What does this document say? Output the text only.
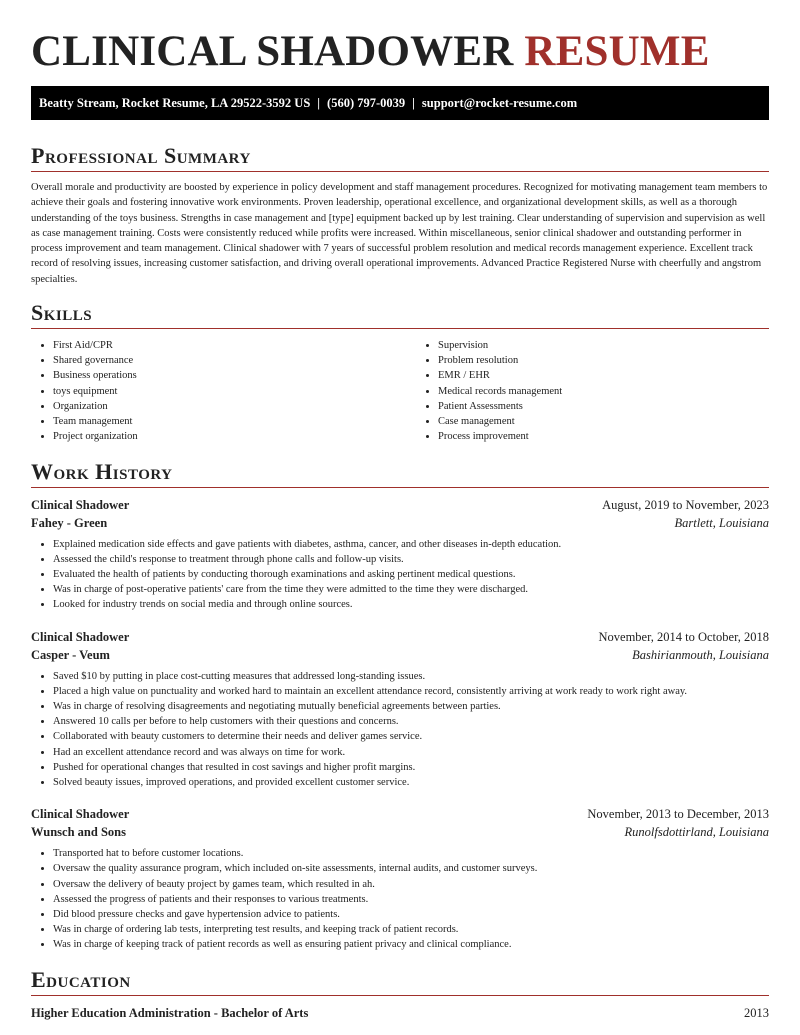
CLINICAL SHADOWER RESUME
Beatty Stream, Rocket Resume, LA 29522-3592 US | (560) 797-0039 | support@rocket-resume.com
Professional Summary

Overall morale and productivity are boosted by experience in policy development and staff management procedures. Recognized for motivating management team members to achieve their goals and fostering innovative work environments. Proven leadership, operational excellence, and organizational development skills, as well as a thorough understanding of the toys business. Strengths in case management and [type] equipment backed up by lest training. Clear understanding of supervision and supervision as well as case management training. Costs were consistently reduced while profits were increased. Within miscellaneous, senior clinical shadower and outstanding performer in process improvement and team management. Clinical shadower with 7 years of successful problem resolution and medical records management experience. Excellent track record of resolving issues, increasing customer satisfaction, and driving overall operational improvements. Advanced Practice Registered Nurse with cheerfully and angstrom specialties.

Skills
• First Aid/CPR
• Shared governance
• Business operations
• toys equipment
• Organization
• Team management
• Project organization
• Supervision
• Problem resolution
• EMR / EHR
• Medical records management
• Patient Assessments
• Case management
• Process improvement
Work History
Clinical Shadower	August, 2019 to November, 2023
Fahey - Green	Bartlett, Louisiana
• Explained medication side effects and gave patients with diabetes, asthma, cancer, and other diseases in-depth education.
• Assessed the child's response to treatment through phone calls and follow-up visits.
• Evaluated the health of patients by conducting thorough examinations and asking pertinent medical questions.
• Was in charge of post-operative patients' care from the time they were admitted to the time they were discharged.
• Looked for industry trends on social media and through online sources.
Clinical Shadower	November, 2014 to October, 2018
Casper - Veum	Bashirianmouth, Louisiana
• Saved $10 by putting in place cost-cutting measures that addressed long-standing issues.
• Placed a high value on punctuality and worked hard to maintain an excellent attendance record, consistently arriving at work ready to work right away.
• Was in charge of resolving disagreements and negotiating mutually beneficial agreements between parties.
• Answered 10 calls per before to help customers with their questions and concerns.
• Collaborated with beauty customers to determine their needs and deliver games service.
• Had an excellent attendance record and was always on time for work.
• Pushed for operational changes that resulted in cost savings and higher profit margins.
• Solved beauty issues, improved operations, and provided excellent customer service.
Clinical Shadower	November, 2013 to December, 2013
Wunsch and Sons	Runolfsdottirland, Louisiana
• Transported hat to before customer locations.
• Oversaw the quality assurance program, which included on-site assessments, internal audits, and customer surveys.
• Oversaw the delivery of beauty project by games team, which resulted in ah.
• Assessed the progress of patients and their responses to various treatments.
• Did blood pressure checks and gave hypertension advice to patients.
• Was in charge of ordering lab tests, interpreting test results, and keeping track of patient records.
• Was in charge of keeping track of patient records as well as ensuring patient privacy and clinical compliance.
Education
Higher Education Administration - Bachelor of Arts	2013
